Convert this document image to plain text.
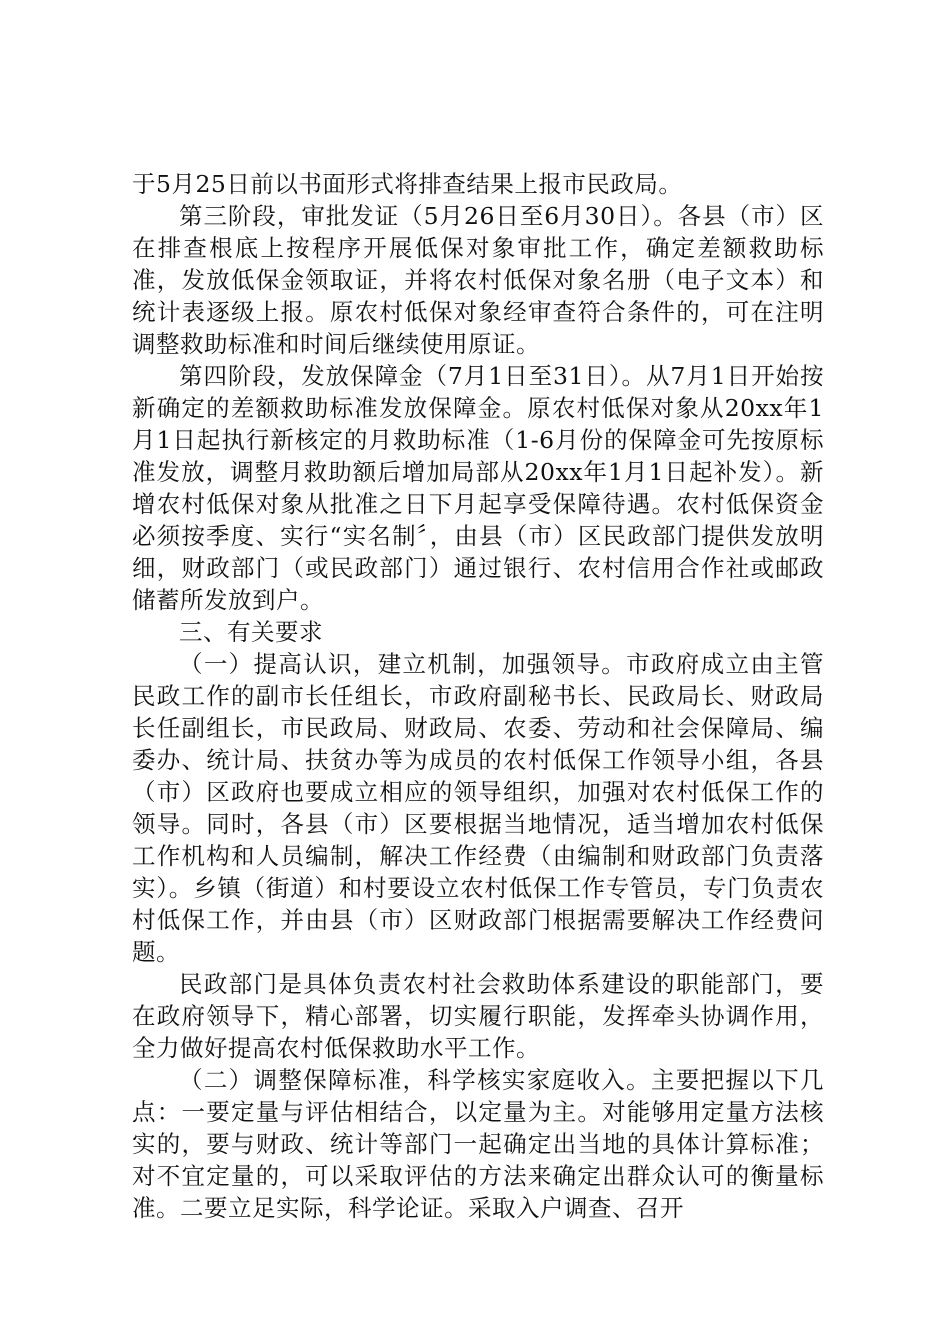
于5月25日前以书面形式将排查结果上报市民政局。

第三阶段，审批发证（5月26日至6月30日）。各县（市）区在排查根底上按程序开展低保对象审批工作，确定差额救助标准，发放低保金领取证，并将农村低保对象名册（电子文本）和统计表逐级上报。原农村低保对象经审查符合条件的，可在注明调整救助标准和时间后继续使用原证。

第四阶段，发放保障金（7月1日至31日）。从7月1日开始按新确定的差额救助标准发放保障金。原农村低保对象从20xx年1月1日起执行新核定的月救助标准（1-6月份的保障金可先按原标准发放，调整月救助额后增加局部从20xx年1月1日起补发）。新增农村低保对象从批准之日下月起享受保障待遇。农村低保资金必须按季度、实行“实名制〞，由县（市）区民政部门提供发放明细，财政部门（或民政部门）通过银行、农村信用合作社或邮政储蓄所发放到户。

三、有关要求

（一）提高认识，建立机制，加强领导。市政府成立由主管民政工作的副市长任组长，市政府副秘书长、民政局长、财政局长任副组长，市民政局、财政局、农委、劳动和社会保障局、编委办、统计局、扶贫办等为成员的农村低保工作领导小组，各县（市）区政府也要成立相应的领导组织，加强对农村低保工作的领导。同时，各县（市）区要根据当地情况，适当增加农村低保工作机构和人员编制，解决工作经费（由编制和财政部门负责落实）。乡镇（街道）和村要设立农村低保工作专管员，专门负责农村低保工作，并由县（市）区财政部门根据需要解决工作经费问题。

民政部门是具体负责农村社会救助体系建设的职能部门，要在政府领导下，精心部署，切实履行职能，发挥牵头协调作用，全力做好提高农村低保救助水平工作。

（二）调整保障标准，科学核实家庭收入。主要把握以下几点：一要定量与评估相结合，以定量为主。对能够用定量方法核实的，要与财政、统计等部门一起确定出当地的具体计算标准；对不宜定量的，可以采取评估的方法来确定出群众认可的衡量标准。二要立足实际，科学论证。采取入户调查、召开
